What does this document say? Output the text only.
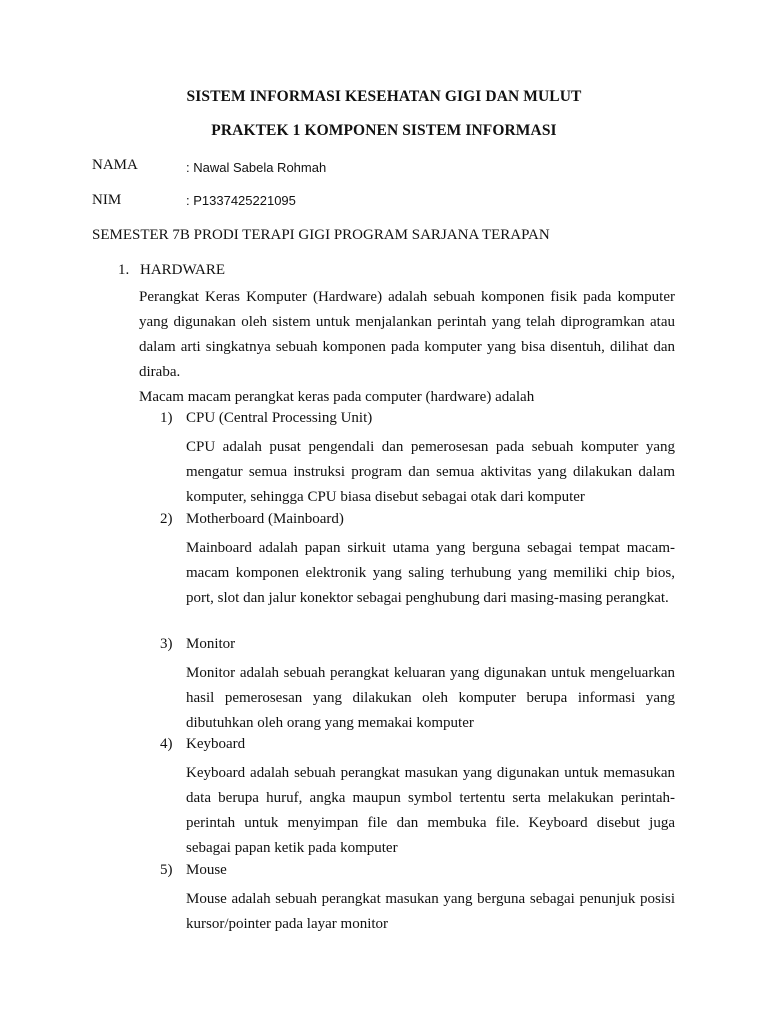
SISTEM INFORMASI KESEHATAN GIGI DAN MULUT
PRAKTEK 1 KOMPONEN SISTEM INFORMASI
NAMA	: Nawal Sabela Rohmah
NIM	: P1337425221095
SEMESTER 7B PRODI TERAPI GIGI PROGRAM SARJANA TERAPAN
1. HARDWARE
Perangkat Keras Komputer (Hardware) adalah sebuah komponen fisik pada komputer yang digunakan oleh sistem untuk menjalankan perintah yang telah diprogramkan atau dalam arti singkatnya sebuah komponen pada komputer yang bisa disentuh, dilihat dan diraba.
Macam macam perangkat keras pada computer (hardware) adalah
1) CPU (Central Processing Unit)
CPU adalah pusat pengendali dan pemerosesan pada sebuah komputer yang mengatur semua instruksi program dan semua aktivitas yang dilakukan dalam komputer, sehingga CPU biasa disebut sebagai otak dari komputer
2) Motherboard (Mainboard)
Mainboard adalah papan sirkuit utama yang berguna sebagai tempat macam-macam komponen elektronik yang saling terhubung yang memiliki chip bios, port, slot dan jalur konektor sebagai penghubung dari masing-masing perangkat.
3) Monitor
Monitor adalah sebuah perangkat keluaran yang digunakan untuk mengeluarkan hasil pemerosesan yang dilakukan oleh komputer berupa informasi yang dibutuhkan oleh orang yang memakai komputer
4) Keyboard
Keyboard adalah sebuah perangkat masukan yang digunakan untuk memasukan data berupa huruf, angka maupun symbol tertentu serta melakukan perintah-perintah untuk menyimpan file dan membuka file. Keyboard disebut juga sebagai papan ketik pada komputer
5) Mouse
Mouse adalah sebuah perangkat masukan yang berguna sebagai penunjuk posisi kursor/pointer pada layar monitor
